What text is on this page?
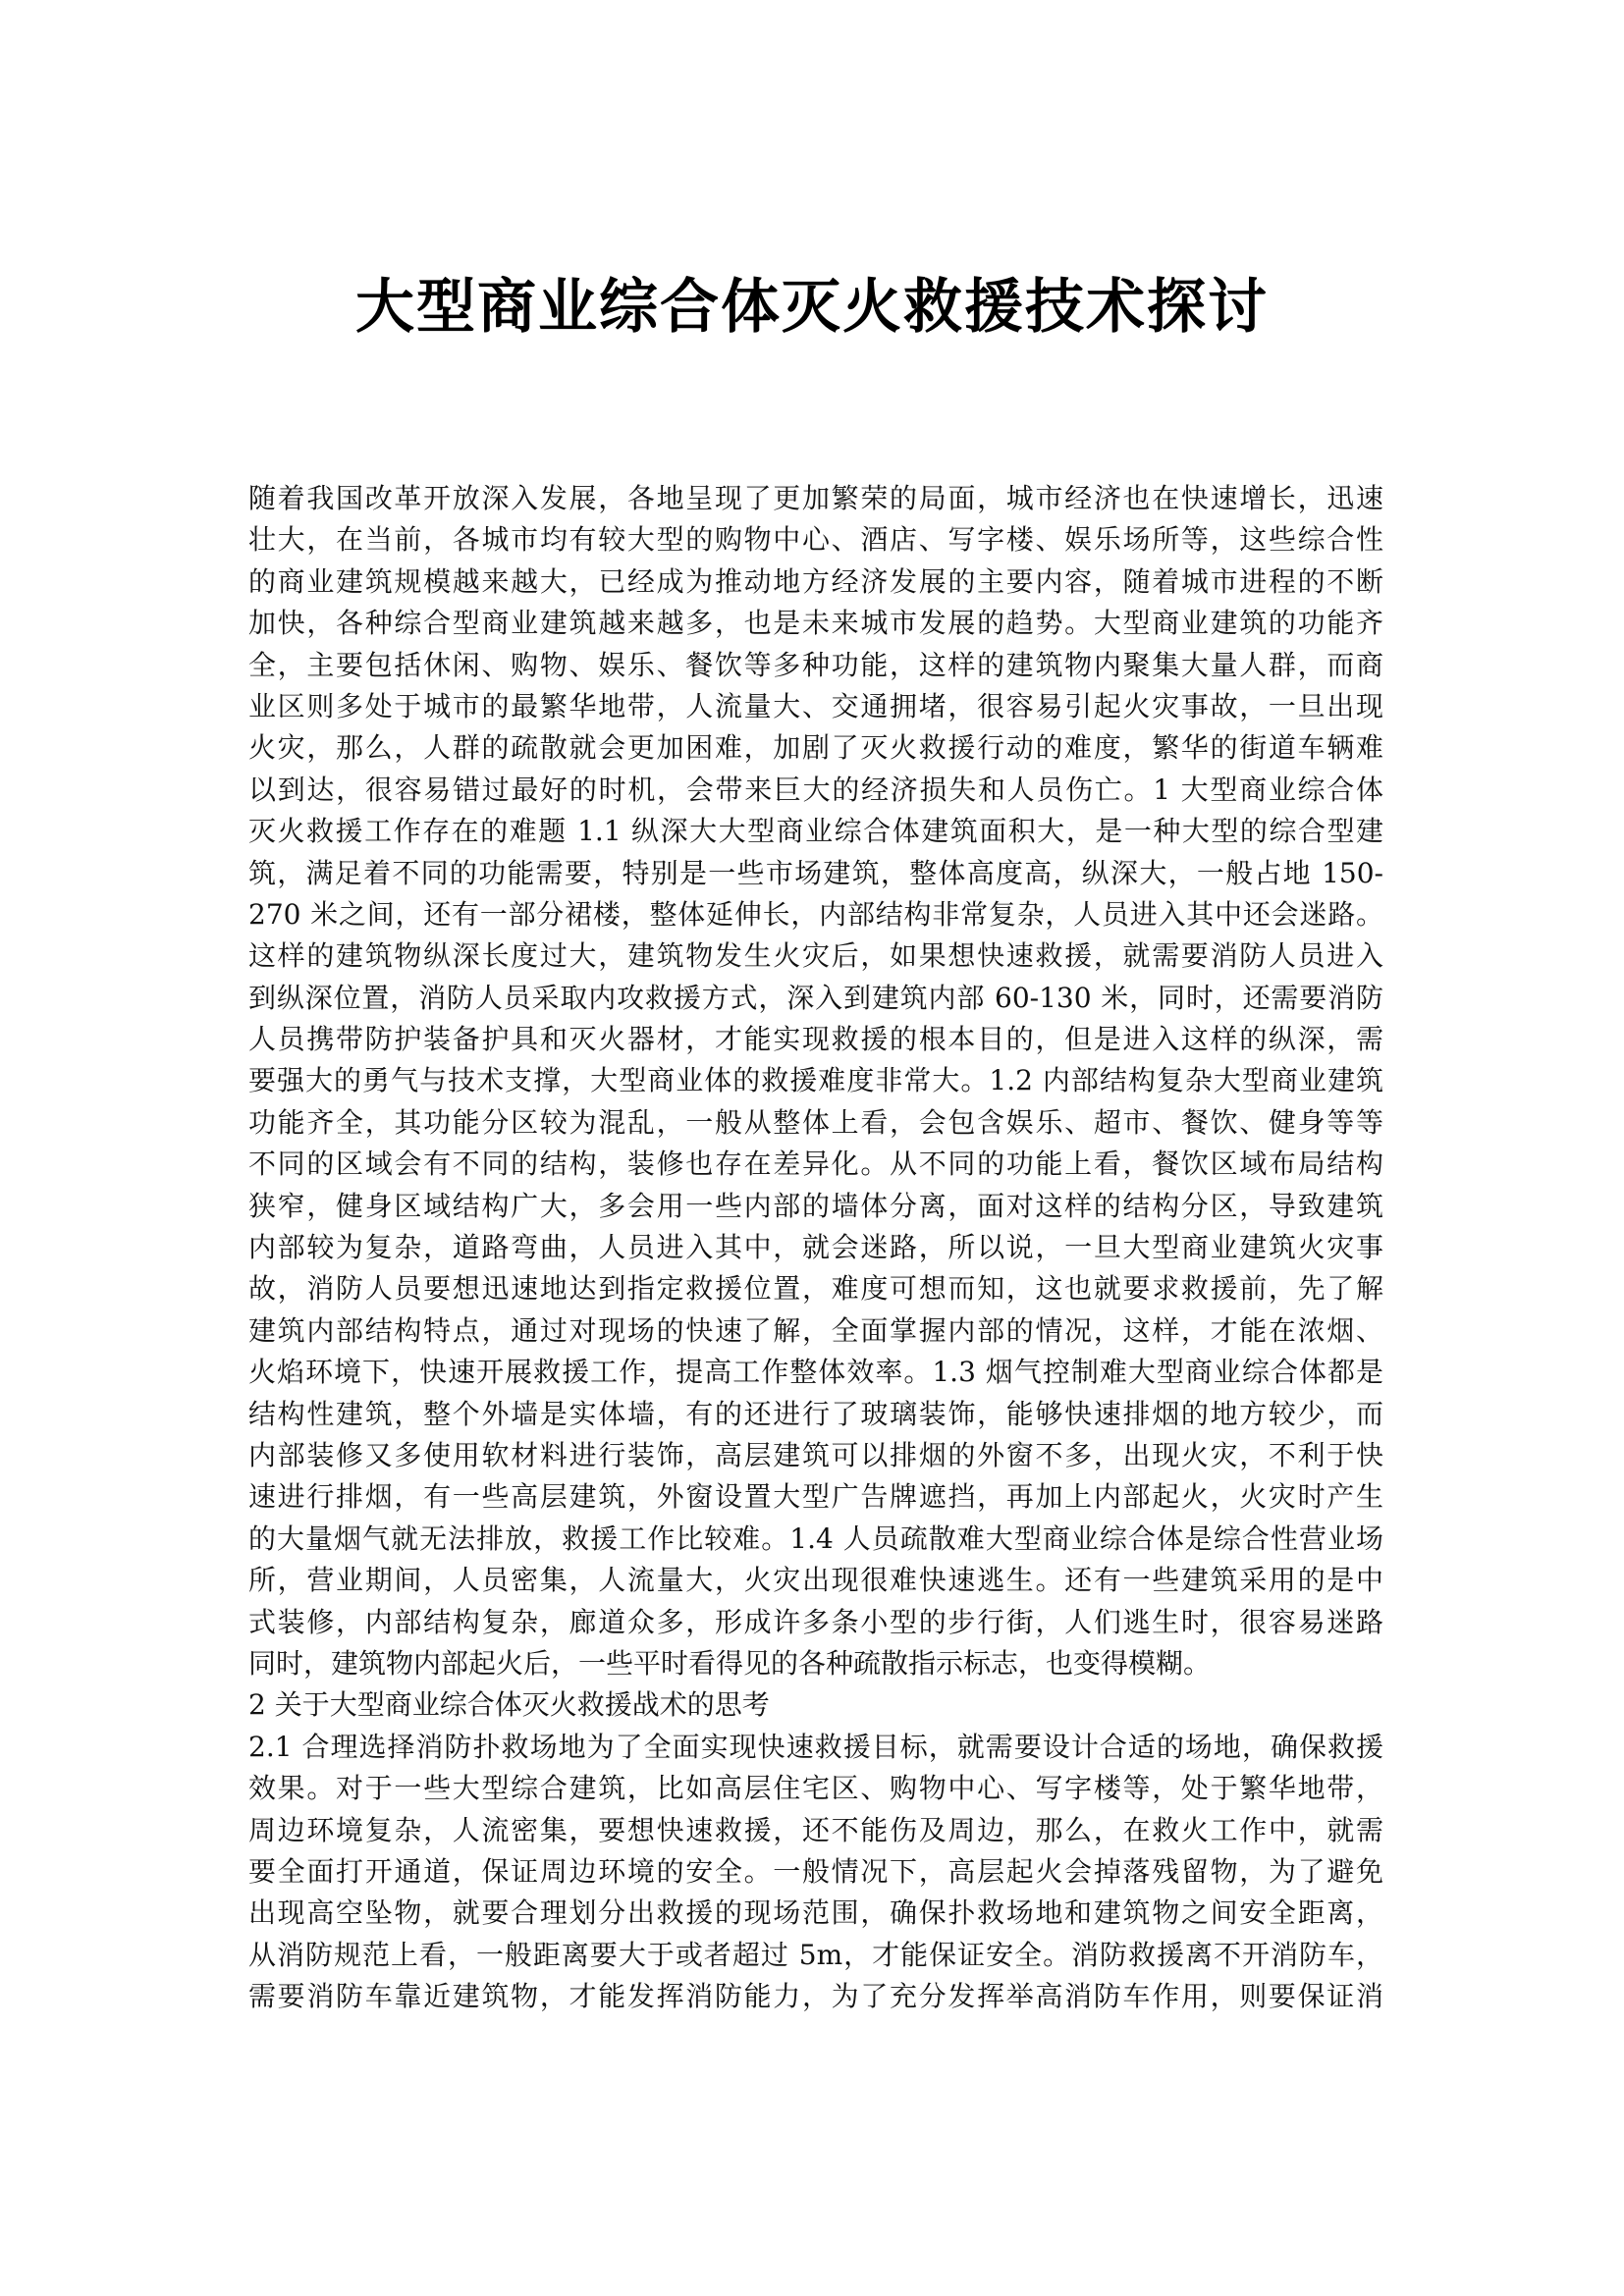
大型商业综合体灭火救援技术探讨
随着我国改革开放深入发展，各地呈现了更加繁荣的局面，城市经济也在快速增长，迅速
壮大，在当前，各城市均有较大型的购物中心、酒店、写字楼、娱乐场所等，这些综合性
的商业建筑规模越来越大，已经成为推动地方经济发展的主要内容，随着城市进程的不断
加快，各种综合型商业建筑越来越多，也是未来城市发展的趋势。大型商业建筑的功能齐
全，主要包括休闲、购物、娱乐、餐饮等多种功能，这样的建筑物内聚集大量人群，而商
业区则多处于城市的最繁华地带，人流量大、交通拥堵，很容易引起火灾事故，一旦出现
火灾，那么，人群的疏散就会更加困难，加剧了灭火救援行动的难度，繁华的街道车辆难
以到达，很容易错过最好的时机，会带来巨大的经济损失和人员伤亡。1 大型商业综合体
灭火救援工作存在的难题 1.1 纵深大大型商业综合体建筑面积大，是一种大型的综合型建
筑，满足着不同的功能需要，特别是一些市场建筑，整体高度高，纵深大，一般占地 150-
270 米之间，还有一部分裙楼，整体延伸长，内部结构非常复杂，人员进入其中还会迷路。
这样的建筑物纵深长度过大，建筑物发生火灾后，如果想快速救援，就需要消防人员进入
到纵深位置，消防人员采取内攻救援方式，深入到建筑内部 60-130 米，同时，还需要消防
人员携带防护装备护具和灭火器材，才能实现救援的根本目的，但是进入这样的纵深，需
要强大的勇气与技术支撑，大型商业体的救援难度非常大。1.2 内部结构复杂大型商业建筑
功能齐全，其功能分区较为混乱，一般从整体上看，会包含娱乐、超市、餐饮、健身等等
不同的区域会有不同的结构，装修也存在差异化。从不同的功能上看，餐饮区域布局结构
狭窄，健身区域结构广大，多会用一些内部的墙体分离，面对这样的结构分区，导致建筑
内部较为复杂，道路弯曲，人员进入其中，就会迷路，所以说，一旦大型商业建筑火灾事
故，消防人员要想迅速地达到指定救援位置，难度可想而知，这也就要求救援前，先了解
建筑内部结构特点，通过对现场的快速了解，全面掌握内部的情况，这样，才能在浓烟、
火焰环境下，快速开展救援工作，提高工作整体效率。1.3 烟气控制难大型商业综合体都是
结构性建筑，整个外墙是实体墙，有的还进行了玻璃装饰，能够快速排烟的地方较少，而
内部装修又多使用软材料进行装饰，高层建筑可以排烟的外窗不多，出现火灾，不利于快
速进行排烟，有一些高层建筑，外窗设置大型广告牌遮挡，再加上内部起火，火灾时产生
的大量烟气就无法排放，救援工作比较难。1.4 人员疏散难大型商业综合体是综合性营业场
所，营业期间，人员密集，人流量大，火灾出现很难快速逃生。还有一些建筑采用的是中
式装修，内部结构复杂，廊道众多，形成许多条小型的步行街，人们逃生时，很容易迷路
同时，建筑物内部起火后，一些平时看得见的各种疏散指示标志，也变得模糊。
2 关于大型商业综合体灭火救援战术的思考
2.1 合理选择消防扑救场地为了全面实现快速救援目标，就需要设计合适的场地，确保救援
效果。对于一些大型综合建筑，比如高层住宅区、购物中心、写字楼等，处于繁华地带，
周边环境复杂，人流密集，要想快速救援，还不能伤及周边，那么，在救火工作中，就需
要全面打开通道，保证周边环境的安全。一般情况下，高层起火会掉落残留物，为了避免
出现高空坠物，就要合理划分出救援的现场范围，确保扑救场地和建筑物之间安全距离，
从消防规范上看，一般距离要大于或者超过 5m，才能保证安全。消防救援离不开消防车，
需要消防车靠近建筑物，才能发挥消防能力，为了充分发挥举高消防车作用，则要保证消
